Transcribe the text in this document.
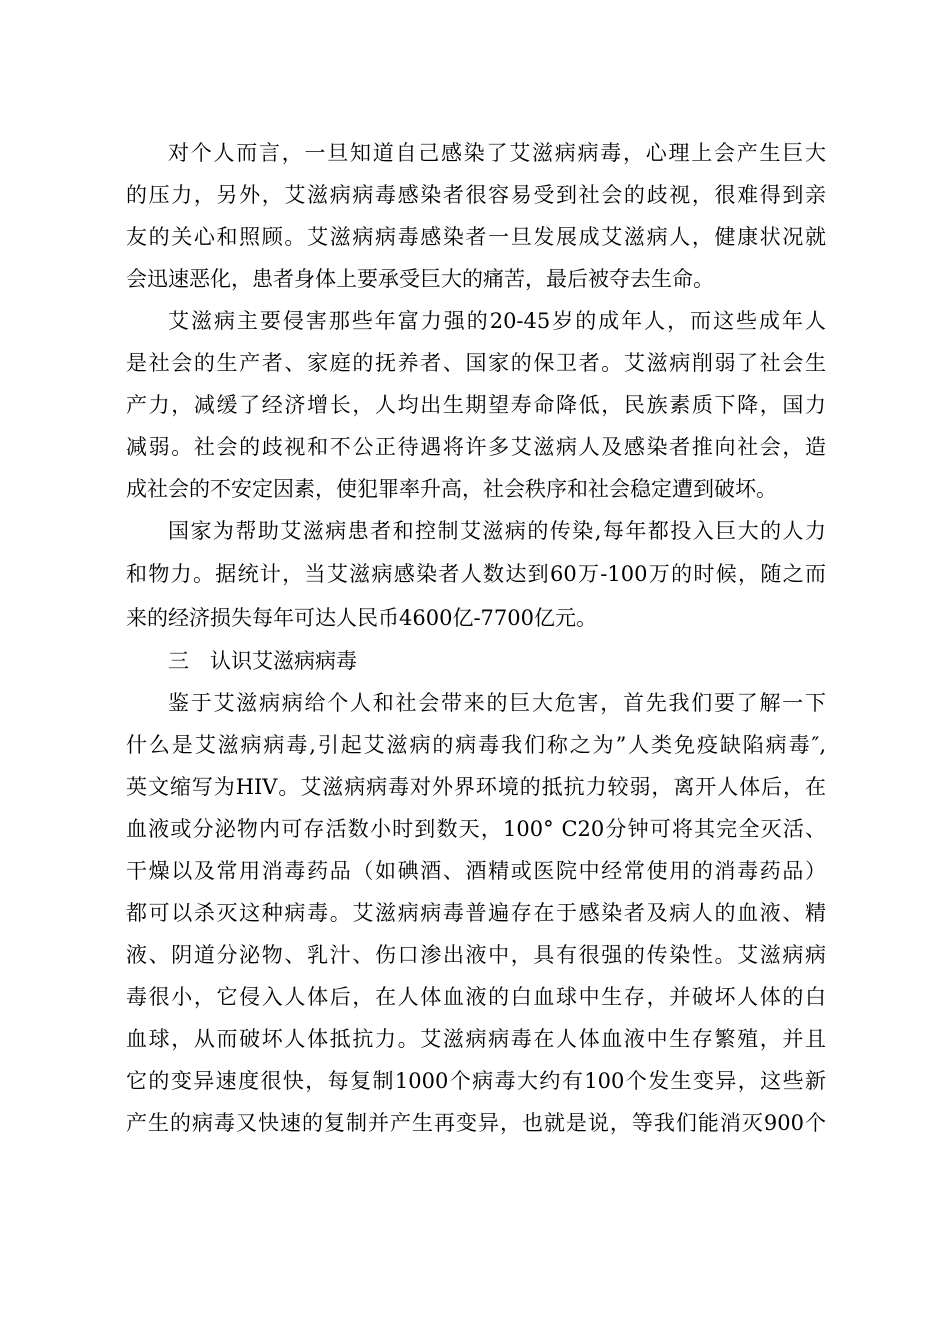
对个人而言，一旦知道自己感染了艾滋病病毒，心理上会产生巨大
的压力，另外，艾滋病病毒感染者很容易受到社会的歧视，很难得到亲
友的关心和照顾。艾滋病病毒感染者一旦发展成艾滋病人，健康状况就
会迅速恶化，患者身体上要承受巨大的痛苦，最后被夺去生命。
艾滋病主要侵害那些年富力强的20-45岁的成年人，而这些成年人
是社会的生产者、家庭的抚养者、国家的保卫者。艾滋病削弱了社会生
产力，减缓了经济增长，人均出生期望寿命降低，民族素质下降，国力
减弱。社会的歧视和不公正待遇将许多艾滋病人及感染者推向社会，造
成社会的不安定因素，使犯罪率升高，社会秩序和社会稳定遭到破坏。
国家为帮助艾滋病患者和控制艾滋病的传染,每年都投入巨大的人力
和物力。据统计，当艾滋病感染者人数达到60万-100万的时候，随之而
来的经济损失每年可达人民币4600亿-7700亿元。
三 认识艾滋病病毒
鉴于艾滋病病给个人和社会带来的巨大危害，首先我们要了解一下
什么是艾滋病病毒,引起艾滋病的病毒我们称之为”人类免疫缺陷病毒″,
英文缩写为HIV。艾滋病病毒对外界环境的抵抗力较弱，离开人体后，在
血液或分泌物内可存活数小时到数天，100° C20分钟可将其完全灭活、
干燥以及常用消毒药品（如碘酒、酒精或医院中经常使用的消毒药品）
都可以杀灭这种病毒。艾滋病病毒普遍存在于感染者及病人的血液、精
液、阴道分泌物、乳汁、伤口渗出液中，具有很强的传染性。艾滋病病
毒很小，它侵入人体后，在人体血液的白血球中生存，并破坏人体的白
血球，从而破坏人体抵抗力。艾滋病病毒在人体血液中生存繁殖，并且
它的变异速度很快，每复制1000个病毒大约有100个发生变异，这些新
产生的病毒又快速的复制并产生再变异，也就是说，等我们能消灭900个
